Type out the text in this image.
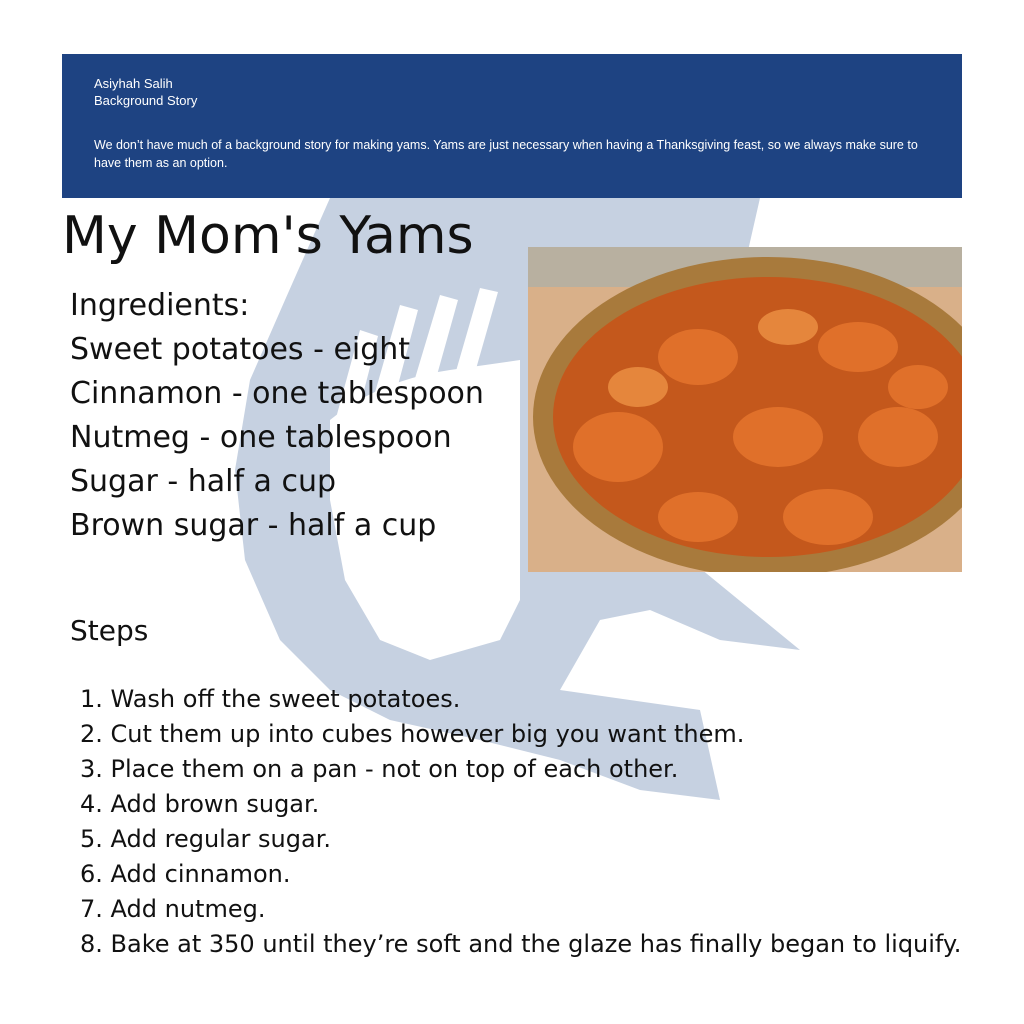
Asiyhah Salih
Background Story
We don’t have much of a background story for making yams. Yams are just necessary when having a Thanksgiving feast, so we always make sure to have them as an option.
My Mom's Yams
Ingredients:
Sweet potatoes - eight
Cinnamon - one tablespoon
Nutmeg - one tablespoon
Sugar - half a cup
Brown sugar - half a cup
Steps
1. Wash off the sweet potatoes.
2. Cut them up into cubes however big you want them.
3. Place them on a pan - not on top of each other.
4. Add brown sugar.
5. Add regular sugar.
6. Add cinnamon.
7. Add nutmeg.
8. Bake at 350 until they’re soft and the glaze has finally began to liquify.
